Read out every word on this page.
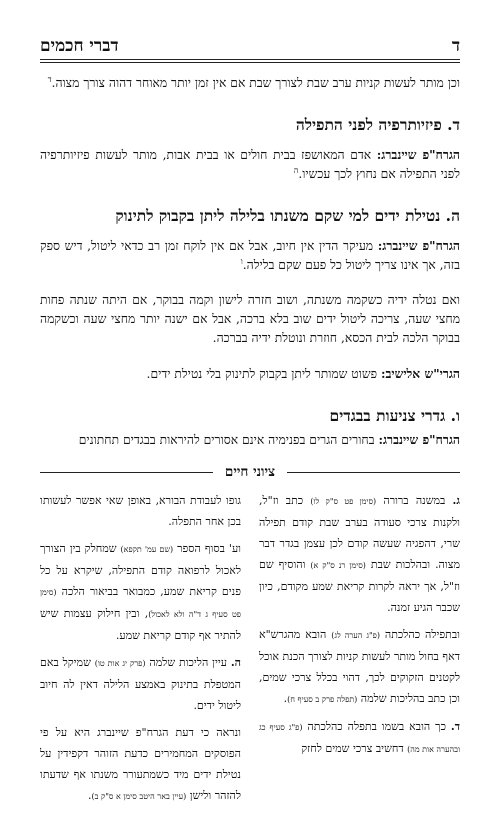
ד
דברי חכמים

וכן מותר לעשות קניות ערב שבת לצורך שבת אם אין זמן יותר מאוחר דהוה צורך מצוה.$^ד$

ד. פיזיותרפיה לפני התפילה

הגרח"פ שיינברג: אדם המאושפז בבית חולים או בבית אבות, מותר לעשות פיזיותרפיה לפני התפילה אם נחוץ לכך עכשיו.$^ה$

ה. נטילת ידים למי שקם משנתו בלילה ליתן בקבוק לתינוק

הגרח"פ שיינברג: מעיקר הדין אין חיוב, אבל אם אין לוקח זמן רב כדאי ליטול, דיש ספק בזה, אך אינו צריך ליטול כל פעם שקם בלילה.$^ו$

ואם נטלה ידיה כשקמה משנתה, ושוב חזרה לישון וקמה בבוקר, אם היתה שנתה פחות מחצי שעה, צריכה ליטול ידים שוב בלא ברכה, אבל אם ישנה יותר מחצי שעה וכשקמה בבוקר הלכה לבית הכסא, חוזרת ונוטלת ידיה בברכה.

הגרי"ש אלישיב: פשוט שמותר ליתן בקבוק לתינוק בלי נטילת ידים.

ו. גדרי צניעות בבגדים

הגרח"פ שיינברג: בחורים הגרים בפנימיה אינם אסורים להיראות בבגדים תחתונים

ציוני חיים

ג. במשנה ברורה (סימן פט ס"ק לו) כתב וז"ל, ולקנות צרכי סעודה בערב שבת קודם תפילה שרי, דהפגיה שעשה קודם לכן עצמן בגדר דבר מצוה. ובהלכות שבת (סימן רנ ס"ק א) והוסיף שם וז"ל, אך יראה לקרות קריאת שמע מקודם, כיון שכבר הגיע זמנה.

ובתפילה כהלכתה (פ"ג הערה לג) הובא מהגרש"א דאף בחול מותר לעשות קניות לצורך הכנת אוכל לקטנים הזקוקים לכך, דהוי בכלל צרכי שמים, וכן כתב בהליכות שלמה (תפלה פרק ב סעיף ח).

ד. כך הובא בשמו בתפלה כהלכתה (פ"ג סעיף כג ובהערה אות מה) דחשיב צרכי שמים לחזק

גופו לעבודת הבורא, באופן שאי אפשר לעשותו בכן אחר התפלה.

וע' בסוף הספר (שם עמ' תקפא) שמחלק בין הצורך לאכול לרפואה קודם התפילה, שיקרא על כל פנים קריאת שמע, כמבואר בביאור הלכה (סימן פט סעיף ג ד"ה ולא לאכול), ובין חילוק עצמות שיש להתיר אף קודם קריאת שמע.

ה. עיין הליכות שלמה (פרק יג אות טו) שמיקל באם המטפלת בתינוק באמצע הלילה דאין לה חיוב ליטול ידים.

ונראה כי דעת הגרח"פ שיינברג היא על פי הפוסקים המחמירים כדעת הזוהר דקפידין על נטילת ידים מיד כשמתעורר משנתו אף שדעתו להזהר ולישן (עיין באר היטב סימן א ס"ק ב).
